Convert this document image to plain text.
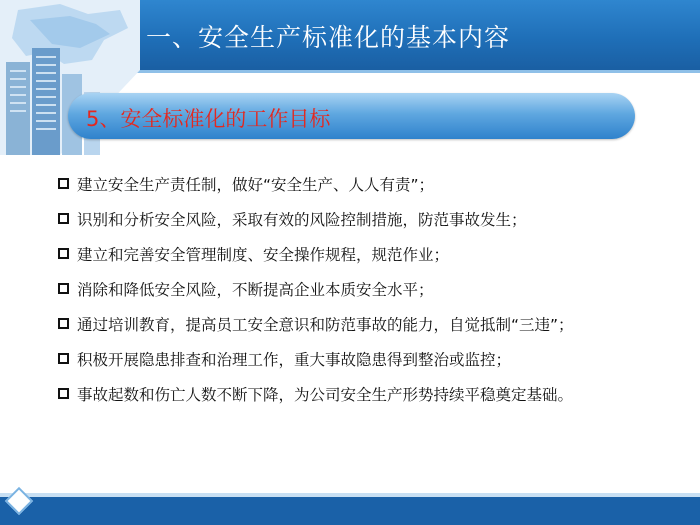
一、安全生产标准化的基本内容
5、安全标准化的工作目标
建立安全生产责任制，做好“安全生产、人人有责”；
识别和分析安全风险，采取有效的风险控制措施，防范事故发生；
建立和完善安全管理制度、安全操作规程，规范作业；
消除和降低安全风险，不断提高企业本质安全水平；
通过培训教育，提高员工安全意识和防范事故的能力，自觉抵制“三违”；
积极开展隐患排查和治理工作，重大事故隐患得到整治或监控；
事故起数和伤亡人数不断下降，为公司安全生产形势持续平稳奠定基础。
